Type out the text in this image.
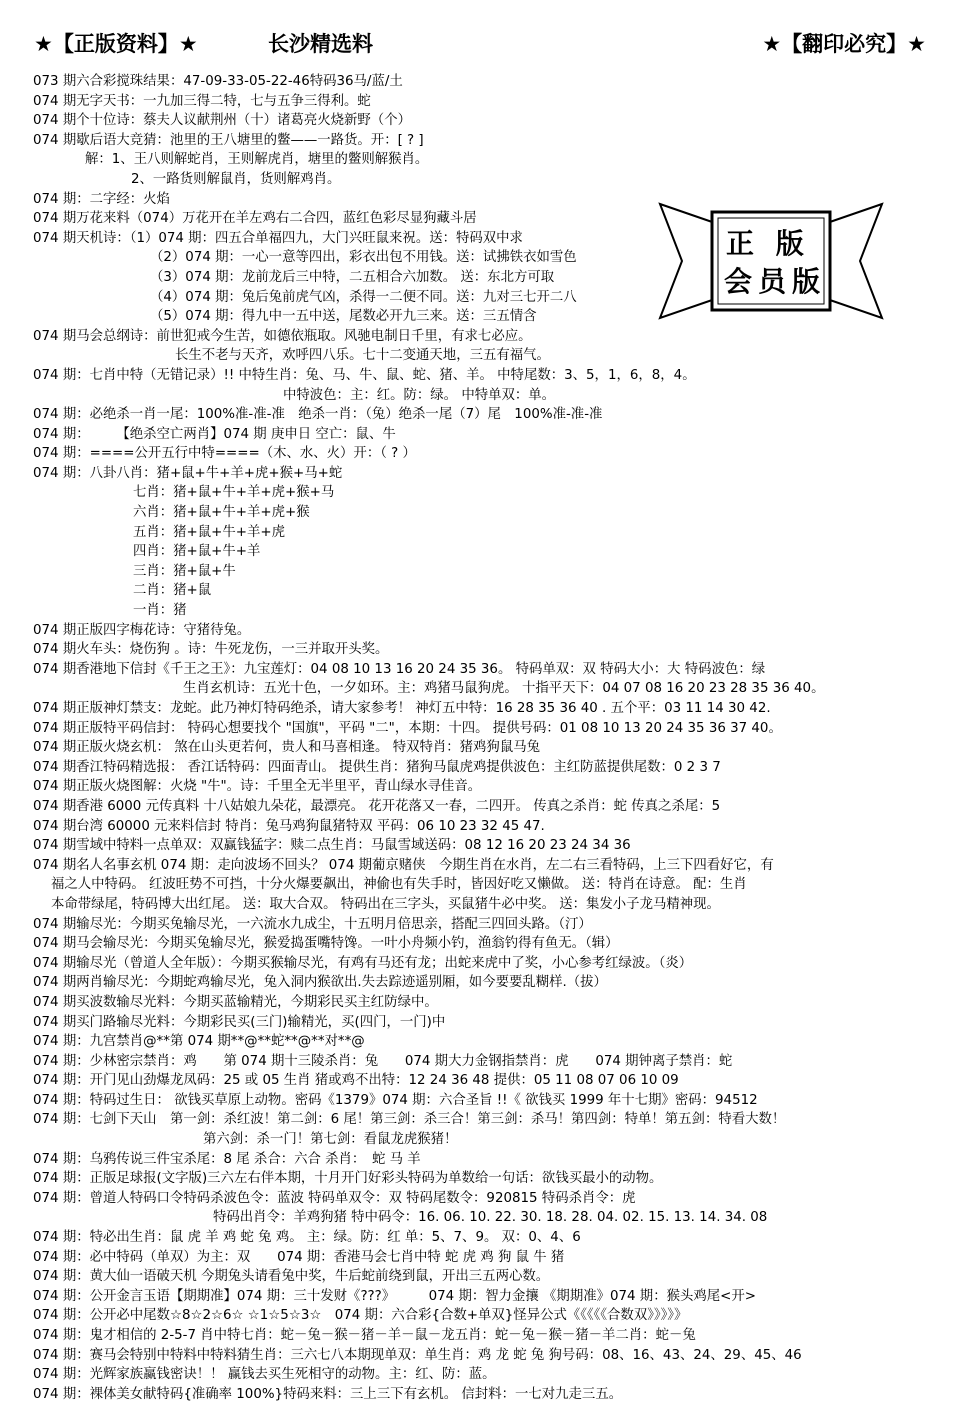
★【正版资料】★	长沙精选料	★【翻印必究】★
正 版
会员版
073 期六合彩搅珠结果：47-09-33-05-22-46特码36马/蓝/土
074 期无字天书：一九加三得二特，七与五争三得利。蛇
074 期个十位诗：蔡夫人议献荆州（十）诸葛亮火烧新野（个）
074 期歇后语大竞猜：池里的王八塘里的鳖——一路货。开：[ ? ]
解：1、王八则解蛇肖，王则解虎肖，塘里的鳖则解猴肖。
2、一路货则解鼠肖，货则解鸡肖。
074 期：二字经：火焰
074 期万花来料（074）万花开在羊左鸡右二合四，蓝红色彩尽显狗藏斗居
074 期天机诗：（1）074 期：四五合单福四九，大门兴旺鼠来祝。送：特码双中求
（2）074 期：一心一意等四出，彩衣出包不用钱。送：试拂铁衣如雪色
（3）074 期：龙前龙后三中特，二五相合六加数。 送：东北方可取
（4）074 期：兔后兔前虎气凶，杀得一二便不同。送：九对三七开二八
（5）074 期：得九中一五中送，尾数必开九三来。送：三五情含
074 期马会总纲诗：前世犯戒今生苦，如德依瓶取。风驰电制日千里，有求七必应。
长生不老与天齐，欢呼四八乐。七十二变通天地，三五有福气。
074 期：七肖中特（无错记录）!! 中特生肖：兔、马、牛、鼠、蛇、猪、羊。 中特尾数：3、5，1，6，8，4。
中特波色：主：红。防：绿。 中特单双：单。
074 期：必绝杀一肖一尾：100%准-准-准　绝杀一肖：（兔）绝杀一尾（7）尾　100%准-准-准
074 期：　　　【绝杀空亡两肖】074 期 庚申日 空亡：鼠、牛
074 期：====公开五行中特====（木、水、火）开：（ ? ）
074 期：八卦八肖：猪+鼠+牛+羊+虎+猴+马+蛇
七肖：猪+鼠+牛+羊+虎+猴+马
六肖：猪+鼠+牛+羊+虎+猴
五肖：猪+鼠+牛+羊+虎
四肖：猪+鼠+牛+羊
三肖：猪+鼠+牛
二肖：猪+鼠
一肖：猪
074 期正版四字梅花诗：守猪待兔。
074 期火车头：烧伤狗 。诗：牛死龙伤，一三并取开头奖。
074 期香港地下信封《千王之王》：九宝莲灯：04 08 10 13 16 20 24 35 36。 特码单双：双 特码大小：大 特码波色：绿
生肖玄机诗：五光十色，一夕如环。主：鸡猪马鼠狗虎。 十指平天下：04 07 08 16 20 23 28 35 36 40。
074 期正版神灯禁支：龙蛇。此乃神灯特码绝杀，请大家参考！ 神灯五中特：16 28 35 36 40 . 五个平：03 11 14 30 42.
074 期正版特平码信封： 特码心想要找个 "国旗"，平码 "二"，本期：十四。 提供号码：01 08 10 13 20 24 35 36 37 40。
074 期正版火烧玄机： 煞在山头更若何，贵人和马喜相逢。 特双特肖：猪鸡狗鼠马兔
074 期香江特码精选报： 香江话特码：四面青山。 提供生肖：猪狗马鼠虎鸡提供波色：主红防蓝提供尾数：0 2 3 7
074 期正版火烧图解：火烧 "牛"。诗：千里全无半里平，青山绿水寻佳音。
074 期香港 6000 元传真料 十八姑娘九朵花，最漂亮。 花开花落又一春，二四开。 传真之杀肖：蛇 传真之杀尾：5
074 期台湾 60000 元来料信封 特肖：兔马鸡狗鼠猪特双 平码：06 10 23 32 45 47.
074 期雪域中特料一点单双：双赢钱猛字：赎二点生肖：马鼠雪域送码：08 12 16 20 23 24 34 36
074 期名人名事玄机 074 期：走向波场不回头？ 074 期葡京赌侠　今期生肖在水肖，左二右三看特码，上三下四看好它，有
福之人中特码。 红波旺势不可挡，十分火爆要飙出，神偷也有失手时，皆因好吃又懒做。 送：特肖在诗意。 配：生肖
本命带绿尾，特码博大出红尾。 送：取大合双。 特码出在三字头，买鼠猪牛必中奖。 送：集发小子龙马精神现。
074 期输尽光：今期买兔输尽光，一六流水九成尘，十五明月倍思亲，搭配三四回头路。（汀）
074 期马会输尽光：今期买兔输尽光，猴爱捣蛋嘴特馋。一叶小舟频小钓，渔翁钓得有鱼无。（辑）
074 期输尽光（曾道人全年版）：今期买猴输尽光，有鸡有马还有龙；出蛇来虎中了奖，小心参考红绿波。（炎）
074 期两肖输尽光：今期蛇鸡输尽光，兔入洞内猴欲出.失去踪迹遥别厢，如今要要乱糊样.（拔）
074 期买波数输尽光料：今期买蓝输精光，今期彩民买主红防绿中。
074 期买门路输尽光料：今期彩民买(三门)输精光，买(四门，一门)中
074 期：九宫禁肖@**第 074 期**@**蛇**@**对**@
074 期：少林密宗禁肖：鸡　　第 074 期十三陵杀肖：兔　　074 期大力金钢指禁肖：虎　　074 期钟离子禁肖：蛇
074 期：开门见山劲爆龙凤码：25 或 05 生肖 猪或鸡不出特：12 24 36 48 提供：05 11 08 07 06 10 09
074 期：特码过生日： 欲钱买草原上动物。密码《1379》074 期：六合圣旨 !!《 欲钱买 1999 年十七期》密码：94512
074 期：七剑下天山　第一剑：杀红波！第二剑：6 尾！第三剑：杀三合！第三剑：杀马！第四剑：特单！第五剑：特看大数！
第六剑：杀一门！第七剑：看鼠龙虎猴猪！
074 期：乌鸦传说三件宝杀尾：8 尾 杀合：六合 杀肖：　蛇 马 羊
074 期：正版足球报(文字版)三六左右伴本期，十月开门好彩头特码为单数给一句话：欲钱买最小的动物。
074 期：曾道人特码口令特码杀波色令：蓝波 特码单双令：双 特码尾数令：920815 特码杀肖令：虎
特码出肖令：羊鸡狗猪 特中码令：16. 06. 10. 22. 30. 18. 28. 04. 02. 15. 13. 14. 34. 08
074 期：特必出生肖：鼠 虎 羊 鸡 蛇 兔 鸡。 主：绿。防：红 单：5、7、9。 双：0、4、6
074 期：必中特码（单双）为主：双　　074 期：香港马会七肖中特 蛇 虎 鸡 狗 鼠 牛 猪
074 期：黄大仙一语破天机 今期兔头请看兔中奖，牛后蛇前绕到鼠，开出三五两心数。
074 期：公开金言玉语【期期准】074 期：三十发财《???》　　　074 期：智力金攘 《期期准》074 期：猴头鸡尾<开>
074 期：公开必中尾数☆8☆2☆6☆ ☆1☆5☆3☆　074 期：六合彩{合数+单双}怪异公式《《《《《合数双》》》》》
074 期：鬼才相信的 2-5-7 肖中特七肖：蛇－兔－猴－猪－羊－鼠－龙五肖：蛇－兔－猴－猪－羊二肖：蛇－兔
074 期：赛马会特别中特料中特料猜生肖：三六七八本期现单双：单生肖：鸡 龙 蛇 兔 狗号码：08、16、43、24、29、45、46
074 期：光辉家族赢钱密诀！！ 赢钱去买生死相守的动物。主：红、防：蓝。
074 期：裸体美女献特码{准确率 100%}特码来料：三上三下有玄机。 信封料：一七对九走三五。
